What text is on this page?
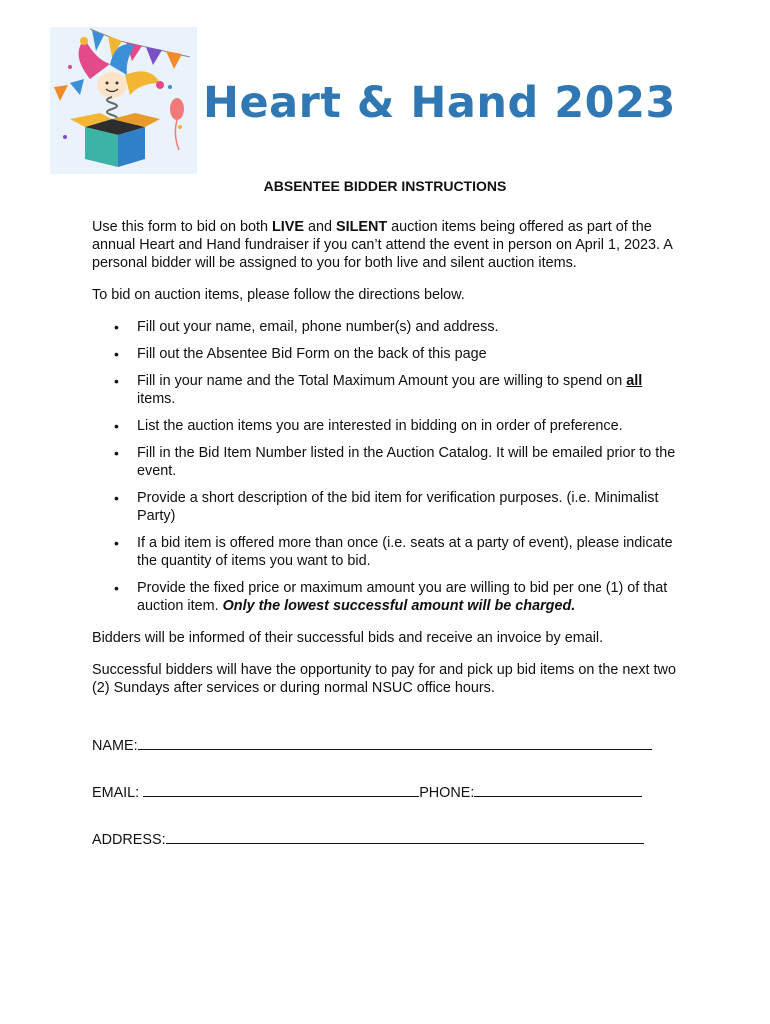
Heart & Hand 2023
ABSENTEE BIDDER INSTRUCTIONS

Use this form to bid on both LIVE and SILENT auction items being offered as part of the annual Heart and Hand fundraiser if you can’t attend the event in person on April 1, 2023. A personal bidder will be assigned to you for both live and silent auction items.

To bid on auction items, please follow the directions below.

• Fill out your name, email, phone number(s) and address.
• Fill out the Absentee Bid Form on the back of this page
• Fill in your name and the Total Maximum Amount you are willing to spend on all items.
• List the auction items you are interested in bidding on in order of preference.
• Fill in the Bid Item Number listed in the Auction Catalog. It will be emailed prior to the event.
• Provide a short description of the bid item for verification purposes. (i.e. Minimalist Party)
• If a bid item is offered more than once (i.e. seats at a party of event), please indicate the quantity of items you want to bid.
• Provide the fixed price or maximum amount you are willing to bid per one (1) of that auction item. Only the lowest successful amount will be charged.

Bidders will be informed of their successful bids and receive an invoice by email.

Successful bidders will have the opportunity to pay for and pick up bid items on the next two (2) Sundays after services or during normal NSUC office hours.

NAME:
EMAIL:	PHONE:
ADDRESS:
